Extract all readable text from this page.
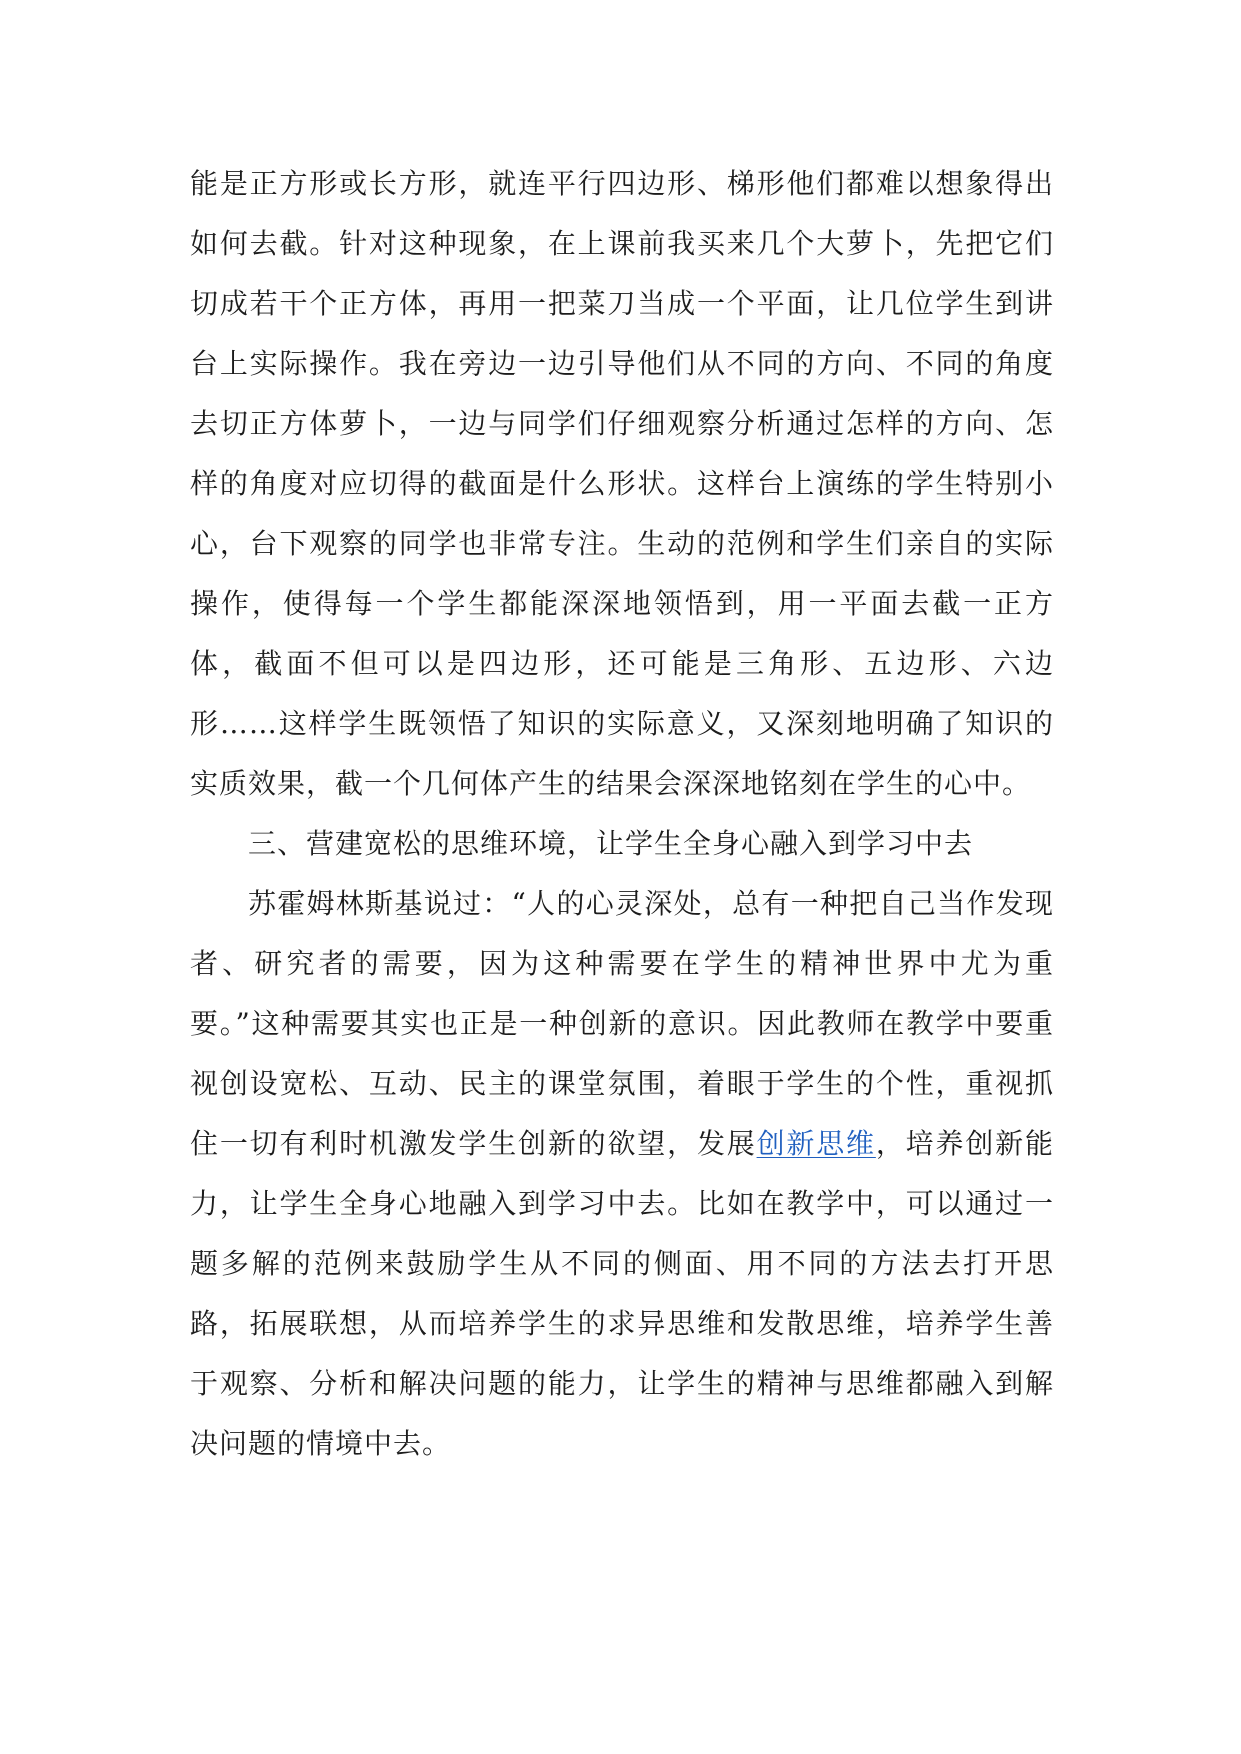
能是正方形或长方形，就连平行四边形、梯形他们都难以想象得出如何去截。针对这种现象，在上课前我买来几个大萝卜，先把它们切成若干个正方体，再用一把菜刀当成一个平面，让几位学生到讲台上实际操作。我在旁边一边引导他们从不同的方向、不同的角度去切正方体萝卜，一边与同学们仔细观察分析通过怎样的方向、怎样的角度对应切得的截面是什么形状。这样台上演练的学生特别小心，台下观察的同学也非常专注。生动的范例和学生们亲自的实际操作，使得每一个学生都能深深地领悟到，用一平面去截一正方体，截面不但可以是四边形，还可能是三角形、五边形、六边形……这样学生既领悟了知识的实际意义，又深刻地明确了知识的实质效果，截一个几何体产生的结果会深深地铭刻在学生的心中。

三、营建宽松的思维环境，让学生全身心融入到学习中去

苏霍姆林斯基说过：“人的心灵深处，总有一种把自己当作发现者、研究者的需要，因为这种需要在学生的精神世界中尤为重要。”这种需要其实也正是一种创新的意识。因此教师在教学中要重视创设宽松、互动、民主的课堂氛围，着眼于学生的个性，重视抓住一切有利时机激发学生创新的欲望，发展创新思维，培养创新能力，让学生全身心地融入到学习中去。比如在教学中，可以通过一题多解的范例来鼓励学生从不同的侧面、用不同的方法去打开思路，拓展联想，从而培养学生的求异思维和发散思维，培养学生善于观察、分析和解决问题的能力，让学生的精神与思维都融入到解决问题的情境中去。
